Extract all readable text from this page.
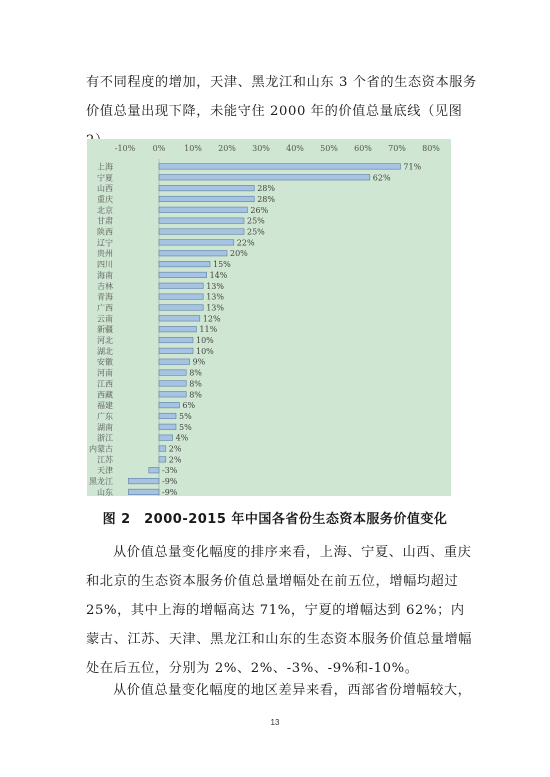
有不同程度的增加，天津、黑龙江和山东 3 个省的生态资本服务
价值总量出现下降，未能守住 2000 年的价值总量底线（见图

-10% 0% 10% 20% 30% 40% 50% 60% 70% 80%
上海	71%
宁夏	62%
山西	28%
重庆	28%
北京	26%
甘肃	25%
陕西	25%
辽宁	22%
贵州	20%
四川	15%
海南	14%
吉林	13%
青海	13%
广西	13%
云南	12%
新疆	11%
河北	10%
湖北	10%
安徽	9%
河南	8%
江西	8%
西藏	8%
福建	6%
广东	5%
湖南	5%
浙江	4%
内蒙古	2%
江苏	2%
天津	-3%
黑龙江	-9%
山东	-9%

图 2　2000-2015 年中国各省份生态资本服务价值变化

从价值总量变化幅度的排序来看，上海、宁夏、山西、重庆和北京的生态资本服务价值总量增幅处在前五位，增幅均超过 25%，其中上海的增幅高达 71%，宁夏的增幅达到 62%；内蒙古、江苏、天津、黑龙江和山东的生态资本服务价值总量增幅处在后五位，分别为 2%、2%、-3%、-9%和-10%。

从价值总量变化幅度的地区差异来看，西部省份增幅较大，

13
